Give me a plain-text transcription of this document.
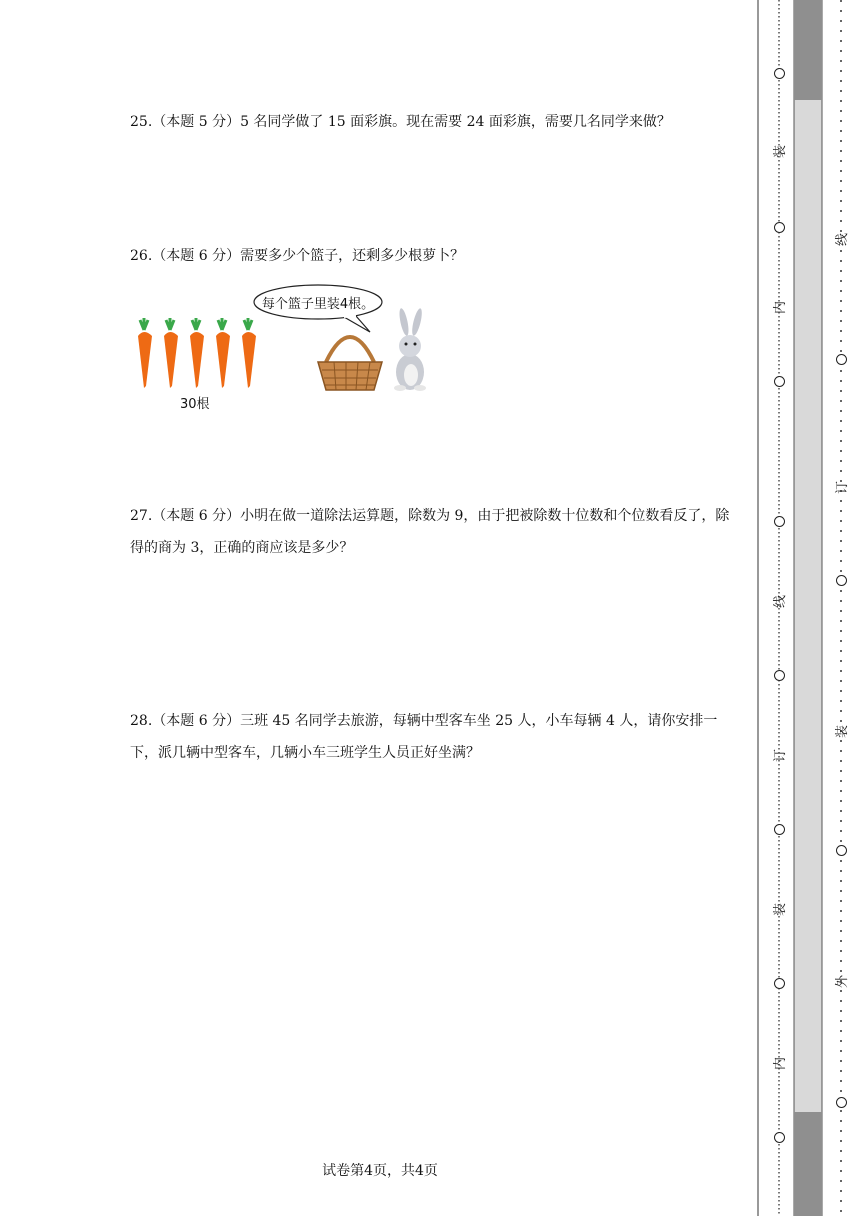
25.（本题 5 分）5 名同学做了 15 面彩旗。现在需要 24 面彩旗，需要几名同学来做？

26.（本题 6 分）需要多少个篮子，还剩多少根萝卜？

每个篮子里装4根。
30根

27.（本题 6 分）小明在做一道除法运算题，除数为 9，由于把被除数十位数和个位数看反了，除得的商为 3，正确的商应该是多少？

28.（本题 6 分）三班 45 名同学去旅游，每辆中型客车坐 25 人，小车每辆 4 人，请你安排一下，派几辆中型客车，几辆小车三班学生人员正好坐满？

试卷第4页，共4页
装
内
线
订
装
内
线
订
装
外
